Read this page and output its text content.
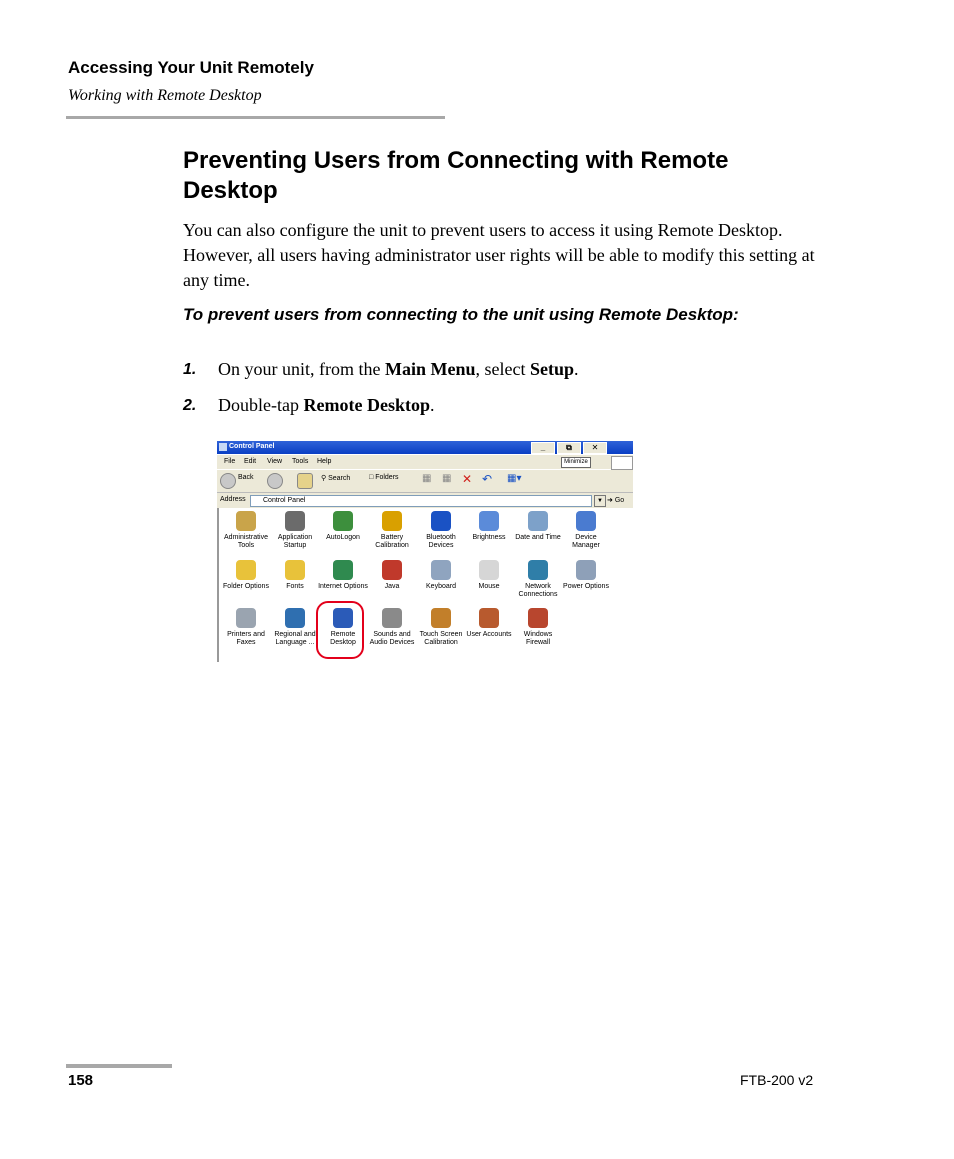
Accessing Your Unit Remotely
Working with Remote Desktop
Preventing Users from Connecting with Remote Desktop
You can also configure the unit to prevent users to access it using Remote Desktop. However, all users having administrator user rights will be able to modify this setting at any time.
To prevent users from connecting to the unit using Remote Desktop:
1. On your unit, from the Main Menu, select Setup.
2. Double-tap Remote Desktop.
Control Panel	_	⧉	✕
File Edit View Tools Help	Minimize
Back	⚲ Search	□ Folders ▦ ▦ ✕ ↶ ▦▾
Address Control Panel	▼ ➜ Go
Administrative Tools
Application Startup
AutoLogon	Battery Calibration
Bluetooth Devices
Brightness	Date and Time	Device Manager
Folder Options	Fonts	Internet Options	Java	Keyboard	Mouse	Network Connections
Power Options
Printers and Faxes
Regional and Language ...
Remote Desktop
Sounds and Audio Devices
Touch Screen Calibration
User Accounts	Windows Firewall
158	FTB-200 v2
